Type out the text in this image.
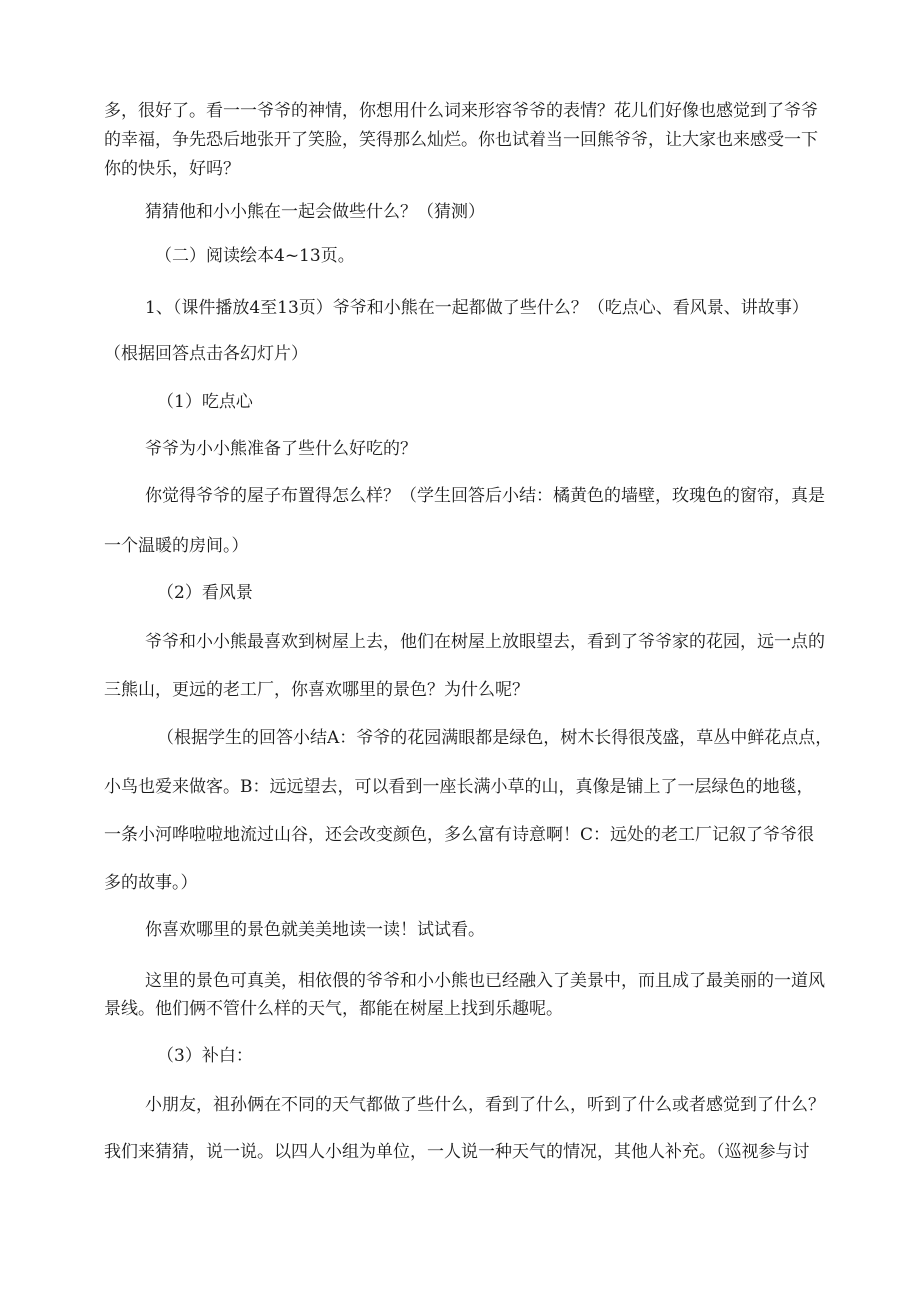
多，很好了。看一一爷爷的神情，你想用什么词来形容爷爷的表情？花儿们好像也感觉到了爷爷
的幸福，争先恐后地张开了笑脸，笑得那么灿烂。你也试着当一回熊爷爷，让大家也来感受一下
你的快乐，好吗？
猜猜他和小小熊在一起会做些什么？（猜测）
（二）阅读绘本4~13页。
1、（课件播放4至13页）爷爷和小熊在一起都做了些什么？（吃点心、看风景、讲故事）
（根据回答点击各幻灯片）
（1）吃点心
爷爷为小小熊准备了些什么好吃的？
你觉得爷爷的屋子布置得怎么样？（学生回答后小结：橘黄色的墙壁，玫瑰色的窗帘，真是
一个温暖的房间。）
（2）看风景
爷爷和小小熊最喜欢到树屋上去，他们在树屋上放眼望去，看到了爷爷家的花园，远一点的
三熊山，更远的老工厂，你喜欢哪里的景色？为什么呢？
（根据学生的回答小结A：爷爷的花园满眼都是绿色，树木长得很茂盛，草丛中鲜花点点，
小鸟也爱来做客。B：远远望去，可以看到一座长满小草的山，真像是铺上了一层绿色的地毯，
一条小河哗啦啦地流过山谷，还会改变颜色，多么富有诗意啊！C：远处的老工厂记叙了爷爷很
多的故事。）
你喜欢哪里的景色就美美地读一读！试试看。
这里的景色可真美，相依偎的爷爷和小小熊也已经融入了美景中，而且成了最美丽的一道风
景线。他们俩不管什么样的天气，都能在树屋上找到乐趣呢。
（3）补白：
小朋友，祖孙俩在不同的天气都做了些什么，看到了什么，听到了什么或者感觉到了什么？
我们来猜猜，说一说。以四人小组为单位，一人说一种天气的情况，其他人补充。（巡视参与讨
